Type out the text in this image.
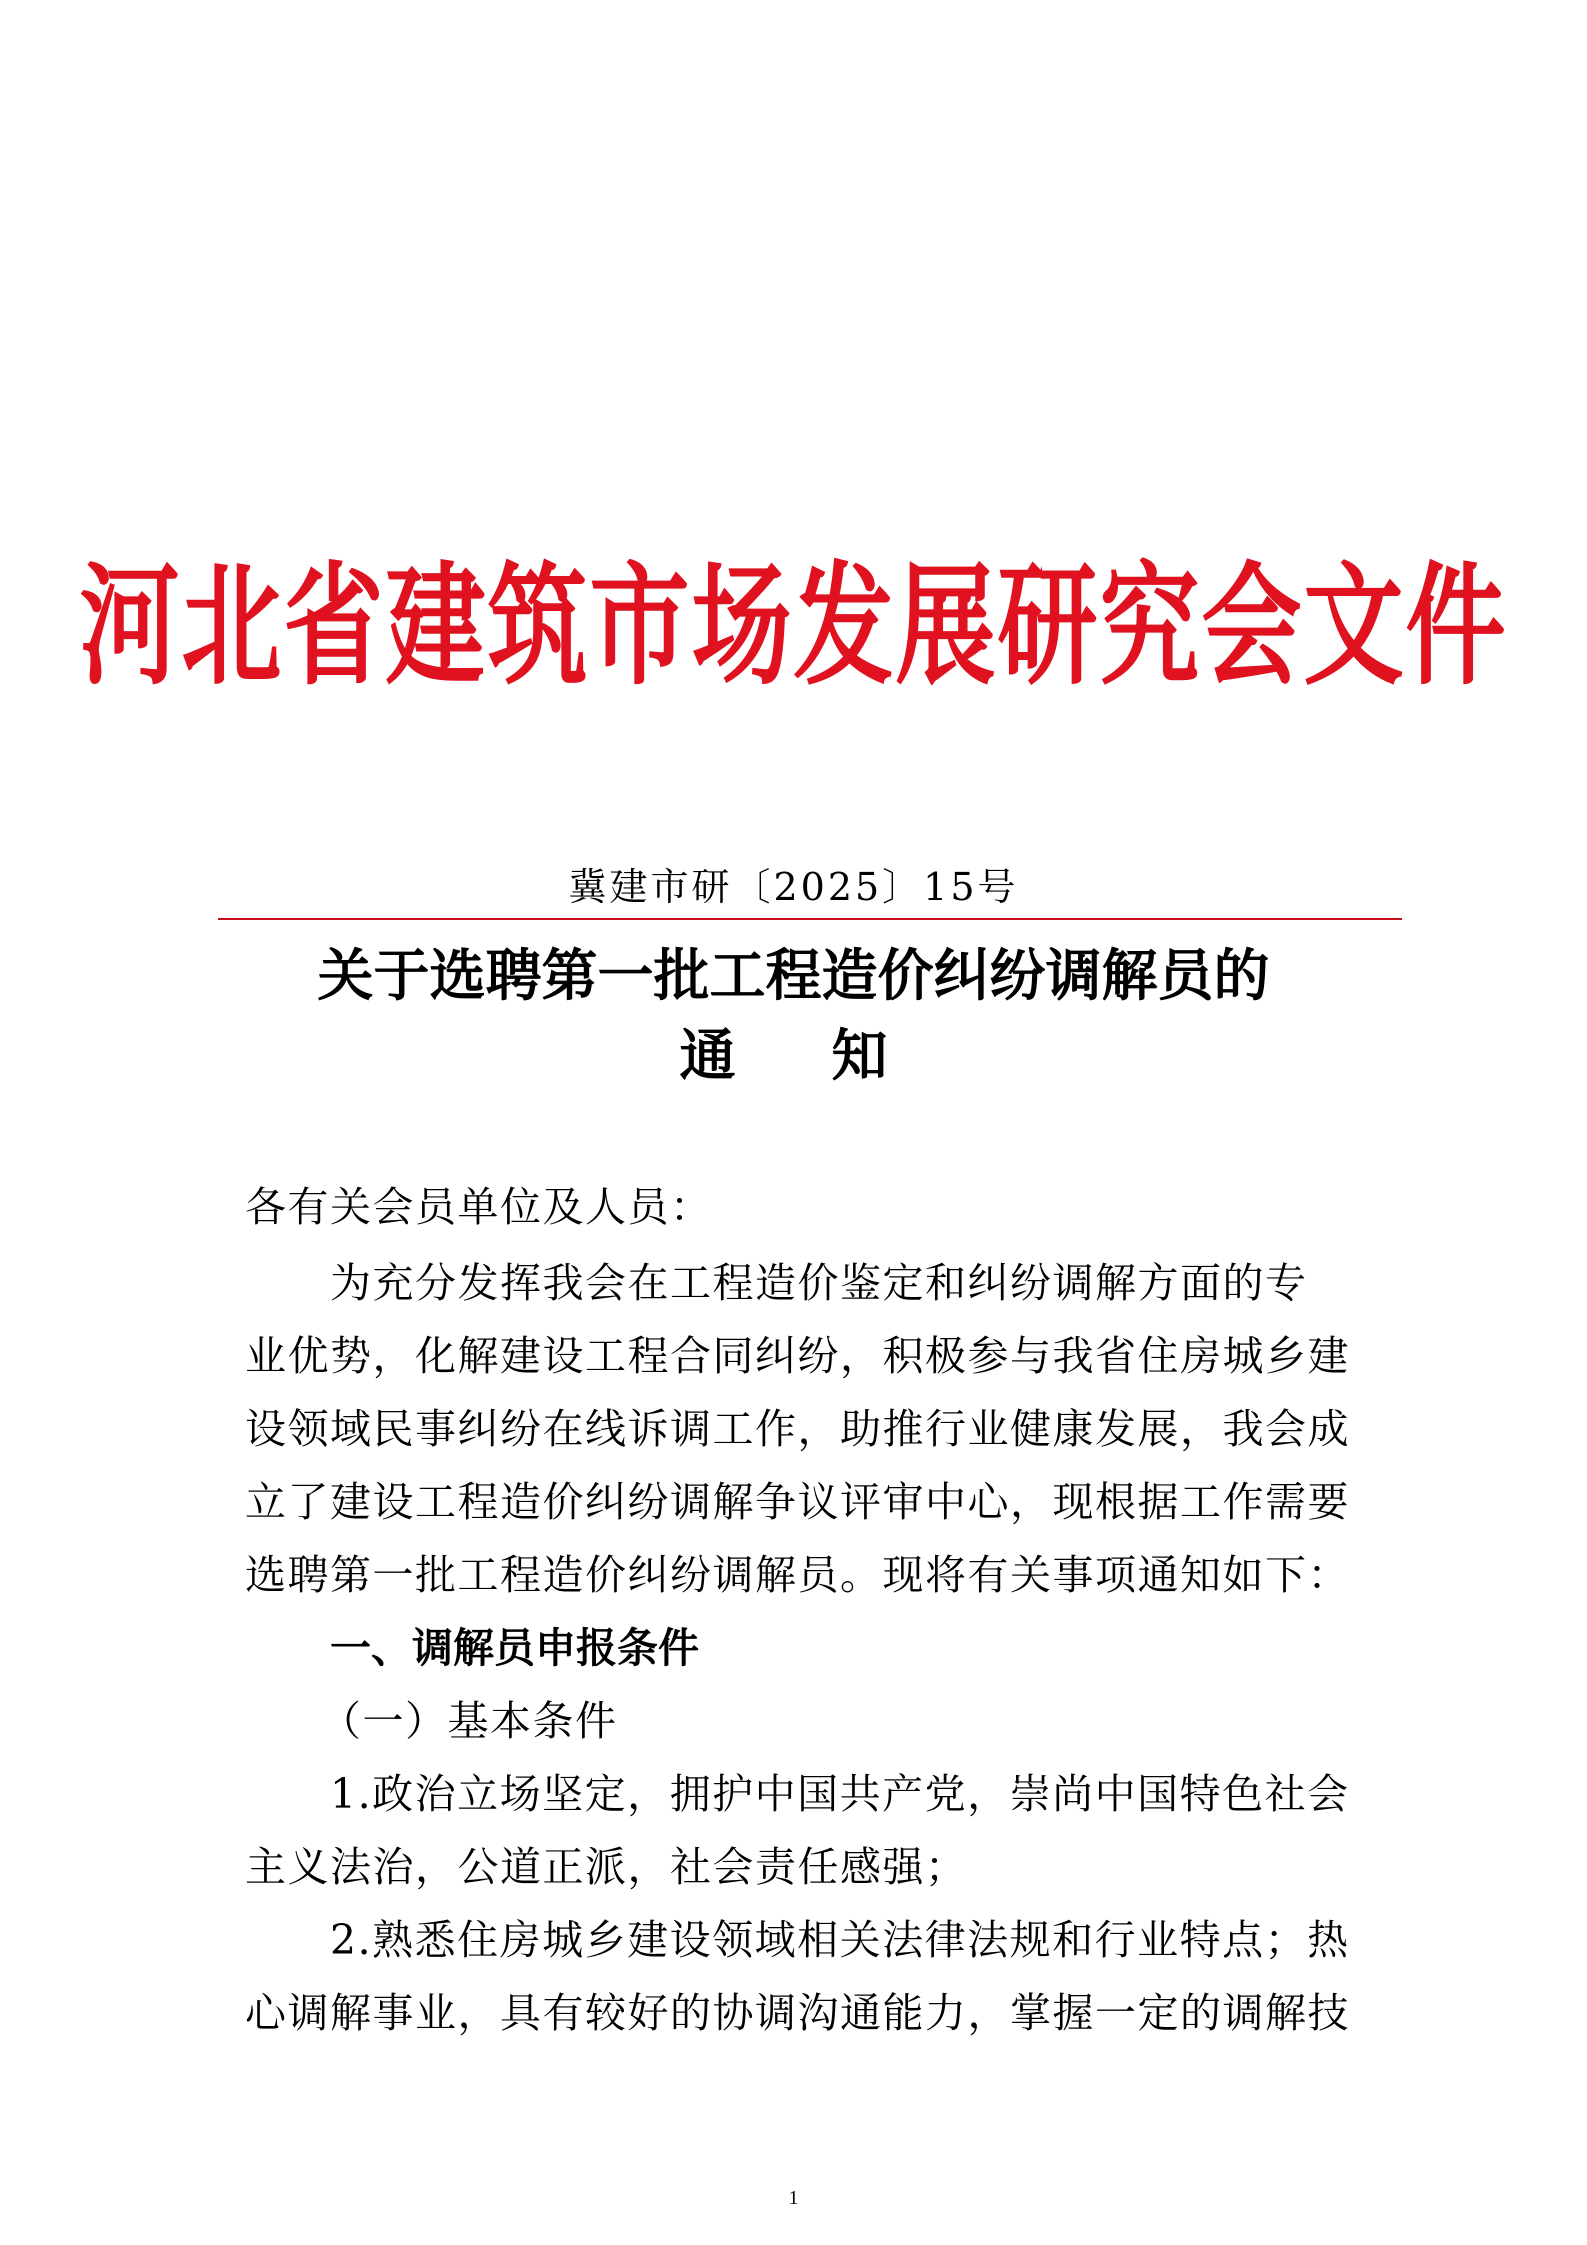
河北省建筑市场发展研究会文件
冀建市研〔2025〕15号
关于选聘第一批工程造价纠纷调解员的
通　知
各有关会员单位及人员：
为充分发挥我会在工程造价鉴定和纠纷调解方面的专
业优势，化解建设工程合同纠纷，积极参与我省住房城乡建
设领域民事纠纷在线诉调工作，助推行业健康发展，我会成
立了建设工程造价纠纷调解争议评审中心，现根据工作需要
选聘第一批工程造价纠纷调解员。现将有关事项通知如下：
一、调解员申报条件
（一）基本条件
1.政治立场坚定，拥护中国共产党，崇尚中国特色社会
主义法治，公道正派，社会责任感强；
2.熟悉住房城乡建设领域相关法律法规和行业特点；热
心调解事业，具有较好的协调沟通能力，掌握一定的调解技
1
